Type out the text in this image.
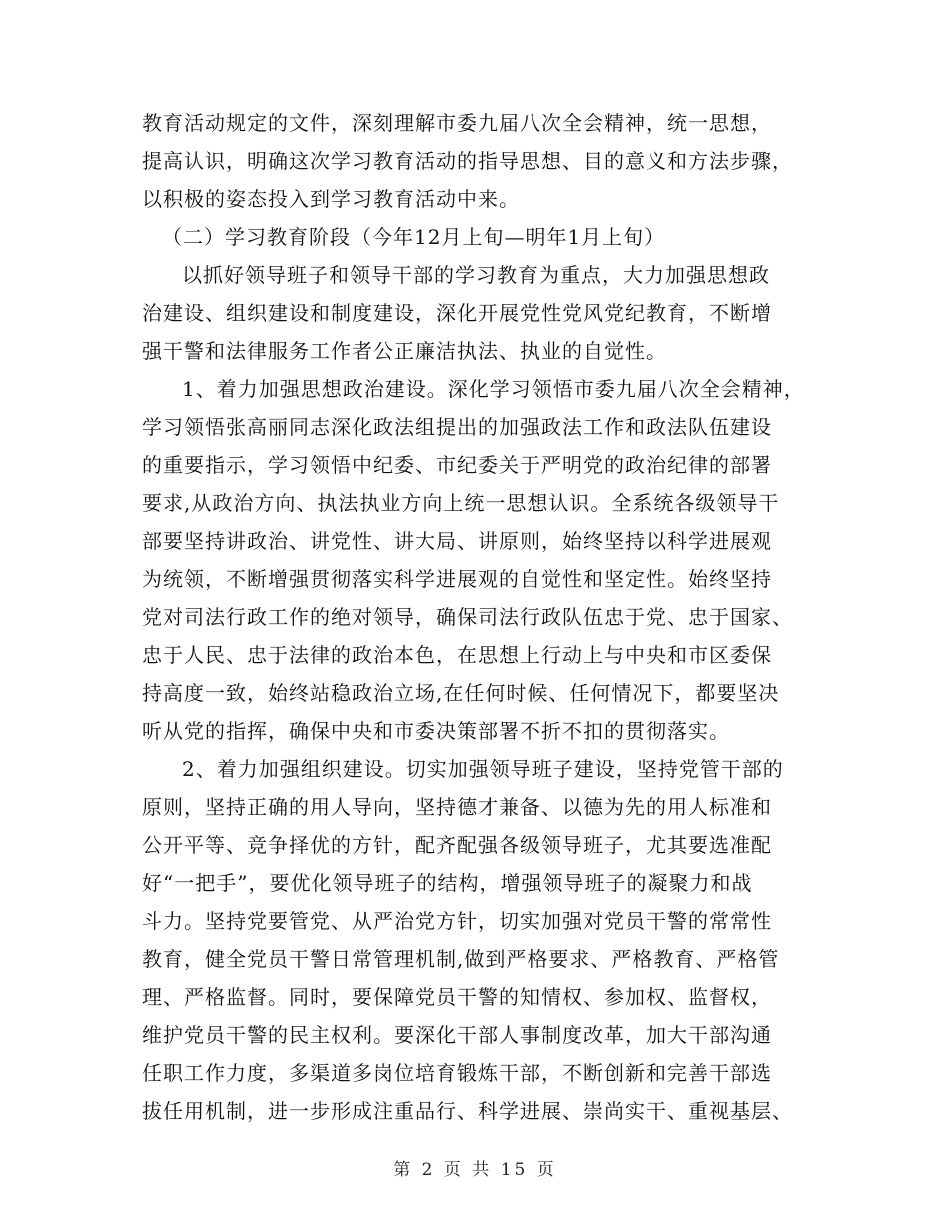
教育活动规定的文件，深刻理解市委九届八次全会精神，统一思想，
提高认识，明确这次学习教育活动的指导思想、目的意义和方法步骤，
以积极的姿态投入到学习教育活动中来。
（二）学习教育阶段（今年12月上旬—明年1月上旬）
以抓好领导班子和领导干部的学习教育为重点，大力加强思想政
治建设、组织建设和制度建设，深化开展党性党风党纪教育，不断增
强干警和法律服务工作者公正廉洁执法、执业的自觉性。
1、着力加强思想政治建设。深化学习领悟市委九届八次全会精神，
学习领悟张高丽同志深化政法组提出的加强政法工作和政法队伍建设
的重要指示，学习领悟中纪委、市纪委关于严明党的政治纪律的部署
要求,从政治方向、执法执业方向上统一思想认识。全系统各级领导干
部要坚持讲政治、讲党性、讲大局、讲原则，始终坚持以科学进展观
为统领，不断增强贯彻落实科学进展观的自觉性和坚定性。始终坚持
党对司法行政工作的绝对领导，确保司法行政队伍忠于党、忠于国家、
忠于人民、忠于法律的政治本色，在思想上行动上与中央和市区委保
持高度一致，始终站稳政治立场,在任何时候、任何情况下，都要坚决
听从党的指挥，确保中央和市委决策部署不折不扣的贯彻落实。
2、着力加强组织建设。切实加强领导班子建设，坚持党管干部的
原则，坚持正确的用人导向，坚持德才兼备、以德为先的用人标准和
公开平等、竞争择优的方针，配齐配强各级领导班子，尤其要选准配
好“一把手”，要优化领导班子的结构，增强领导班子的凝聚力和战
斗力。坚持党要管党、从严治党方针，切实加强对党员干警的常常性
教育，健全党员干警日常管理机制,做到严格要求、严格教育、严格管
理、严格监督。同时，要保障党员干警的知情权、参加权、监督权，
维护党员干警的民主权利。要深化干部人事制度改革，加大干部沟通
任职工作力度，多渠道多岗位培育锻炼干部，不断创新和完善干部选
拔任用机制，进一步形成注重品行、科学进展、崇尚实干、重视基层、
第 2 页 共 15 页
